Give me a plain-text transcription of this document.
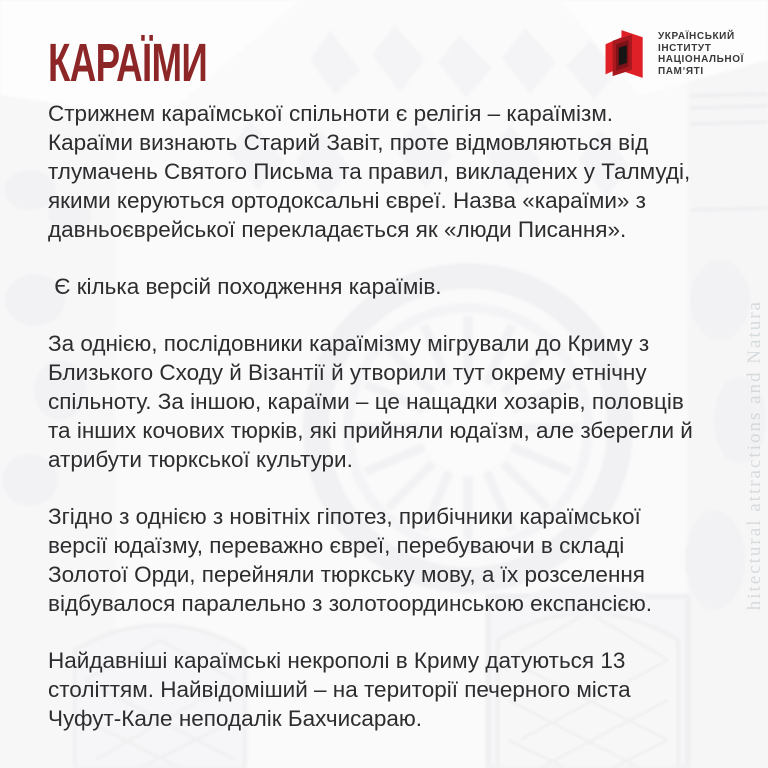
hitectural attractions and Natura
КАРАЇМИ	УКРАЇНСЬКИЙ
ІНСТИТУТ
НАЦІОНАЛЬНОЇ
ПАМʼЯТІ

Стрижнем караїмської спільноти є релігія – караїмізм. Караїми визнають Старий Завіт, проте відмовляються від тлумачень Святого Письма та правил, викладених у Талмуді, якими керуються ортодоксальні євреї. Назва «караїми» з давньоєврейської перекладається як «люди Писання».

Є кілька версій походження караїмів.

За однією, послідовники караїмізму мігрували до Криму з Близького Сходу й Візантії й утворили тут окрему етнічну спільноту. За іншою, караїми – це нащадки хозарів, половців та інших кочових тюрків, які прийняли юдаїзм, але зберегли й атрибути тюркської культури.

Згідно з однією з новітніх гіпотез, прибічники караїмської версії юдаїзму, переважно євреї, перебуваючи в складі Золотої Орди, перейняли тюркську мову, а їх розселення відбувалося паралельно з золотоординською експансією.

Найдавніші караїмські некрополі в Криму датуються 13 століттям. Найвідоміший – на території печерного міста Чуфут-Кале неподалік Бахчисараю.
